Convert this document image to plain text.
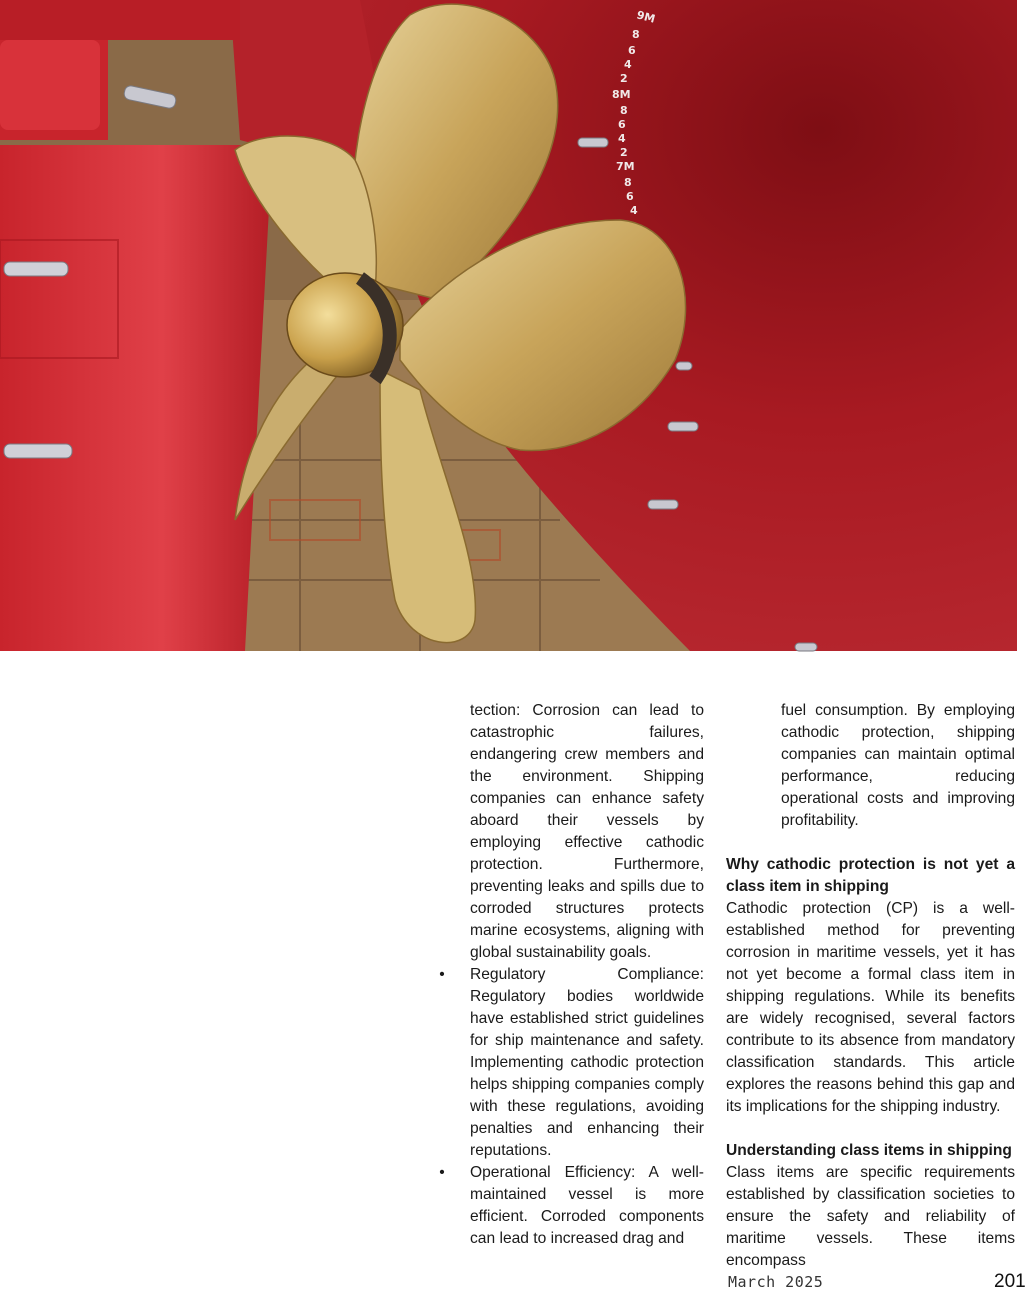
9M
8
6
4
2
8M
8
6
4
2
7M
8
6
4

tection: Corrosion can lead to catastrophic failures, endangering crew members and the environment. Shipping companies can enhance safety aboard their vessels by employing effective cathodic protection. Furthermore, preventing leaks and spills due to corroded structures protects marine ecosystems, aligning with global sustainability goals.

• Regulatory Compliance: Regulatory bodies worldwide have established strict guidelines for ship maintenance and safety. Implementing cathodic protection helps shipping companies comply with these regulations, avoiding penalties and enhancing their reputations.

• Operational Efficiency: A well-maintained vessel is more efficient. Corroded components can lead to increased drag and

fuel consumption. By employing cathodic protection, shipping companies can maintain optimal performance, reducing operational costs and improving profitability.

Why cathodic protection is not yet a class item in shipping

Cathodic protection (CP) is a well-established method for preventing corrosion in maritime vessels, yet it has not yet become a formal class item in shipping regulations. While its benefits are widely recognised, several factors contribute to its absence from mandatory classification standards. This article explores the reasons behind this gap and its implications for the shipping industry.

Understanding class items in shipping

Class items are specific requirements established by classification societies to ensure the safety and reliability of maritime vessels. These items encompass

March 2025	201
